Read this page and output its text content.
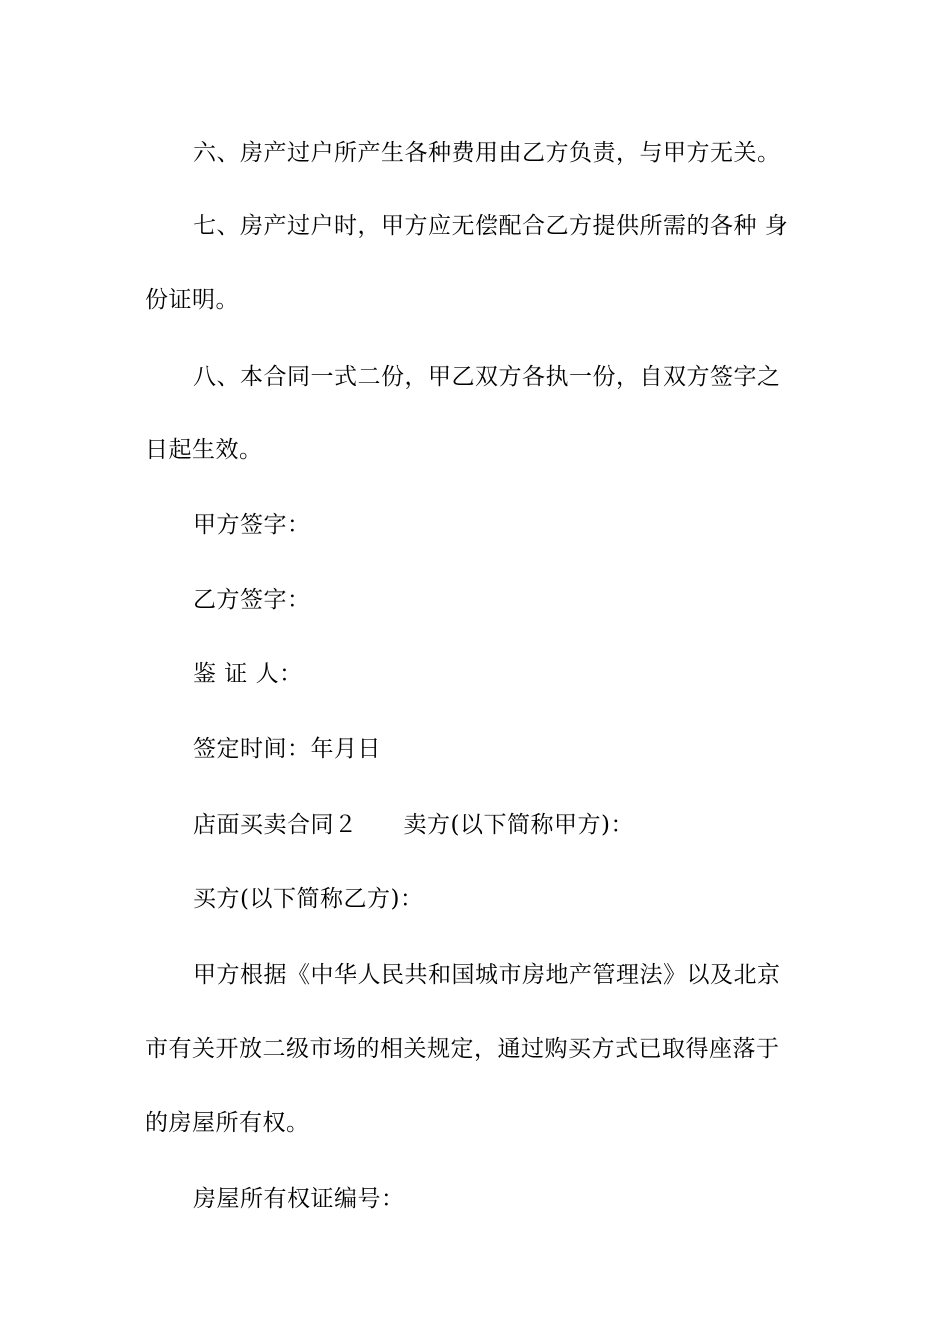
六、房产过户所产生各种费用由乙方负责，与甲方无关。
七、房产过户时，甲方应无偿配合乙方提供所需的各种 身
份证明。
八、本合同一式二份，甲乙双方各执一份，自双方签字之
日起生效。
甲方签字：
乙方签字：
鉴 证 人：
签定时间：年月日
店面买卖合同２ 卖方(以下简称甲方)：
买方(以下简称乙方)：
甲方根据《中华人民共和国城市房地产管理法》以及北京
市有关开放二级市场的相关规定，通过购买方式已取得座落于
的房屋所有权。
房屋所有权证编号：
